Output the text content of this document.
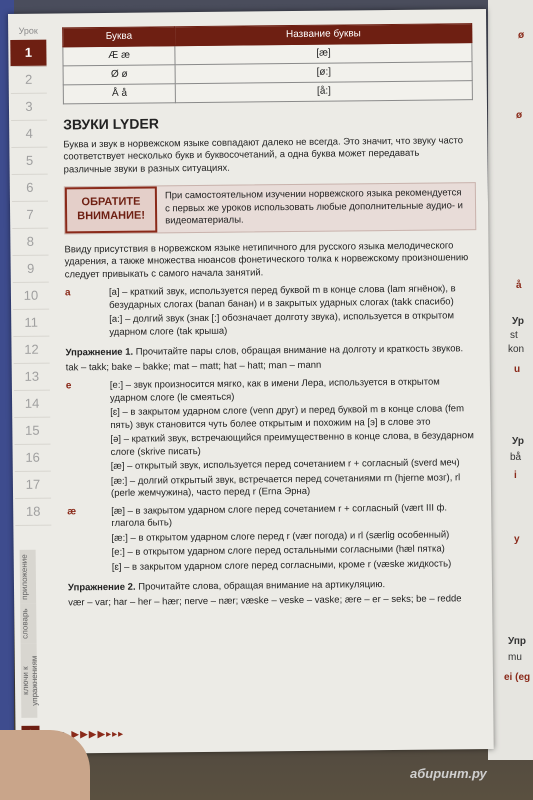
ø
ø
å
Ур
st
kon
u
Ур
bå
i
y
Упр
mu
ei (eg
Урок
1
2
3
4
5
6
7
8
9
10
11
12
13
14
15
16
17
18
приложение
словарь
ключи к упражнениям
Буква	Название буквы
Æ æ	[æ]
Ø ø	[ø:]
Å å	[å:]
ЗВУКИ LYDER
Буква и звук в норвежском языке совпадают далеко не всегда. Это значит, что звуку часто соответствует несколько букв и буквосочетаний, а одна буква может передавать различные звуки в разных ситуациях.
ОБРАТИТЕ ВНИМАНИЕ!
При самостоятельном изучении норвежского языка рекомендуется с первых же уроков использовать любые дополнительные аудио- и видеоматериалы.
Ввиду присутствия в норвежском языке нетипичного для русского языка мелодического ударения, а также множества нюансов фонетического толка к норвежскому произношению следует привыкать с самого начала занятий.
a	[a] – краткий звук, используется перед буквой m в конце слова (lam ягнёнок), в безударных слогах (banan банан) и в закрытых ударных слогах (takk спасибо)
[a:] – долгий звук (знак [:] обозначает долготу звука), используется в открытом ударном слоге (tak крыша)
Упражнение 1. Прочитайте пары слов, обращая внимание на долготу и краткость звуков.
tak – takk; bake – bakke; mat – matt; hat – hatt; man – mann
e	[e:] – звук произносится мягко, как в имени Лера, используется в открытом ударном слоге (le смеяться)
[ɛ] – в закрытом ударном слоге (venn друг) и перед буквой m в конце слова (fem пять) звук становится чуть более открытым и похожим на [э] в слове это
[ə] – краткий звук, встречающийся преимущественно в конце слова, в безударном слоге (skrive писать)
[æ] – открытый звук, используется перед сочетанием r + согласный (sverd меч)
[æ:] – долгий открытый звук, встречается перед сочетаниями rn (hjerne мозг), rl (perle жемчужина), часто перед r (Erna Эрна)
æ	[æ] – в закрытом ударном слоге перед сочетанием r + согласный (vært III ф. глагола быть)
[æ:] – в открытом ударном слоге перед r (vær погода) и rl (særlig особенный)
[e:] – в открытом ударном слоге перед остальными согласными (hæl пятка)
[ɛ] – в закрытом ударном слоге перед согласными, кроме r (væske жидкость)
Упражнение 2. Прочитайте слова, обращая внимание на артикуляцию.
vær – var; har – her – hær; nerve – nær; væske – veske – vaske; ære – er – seks; be – redde
▶▶▶▶▸▸▸
абиринт.ру
